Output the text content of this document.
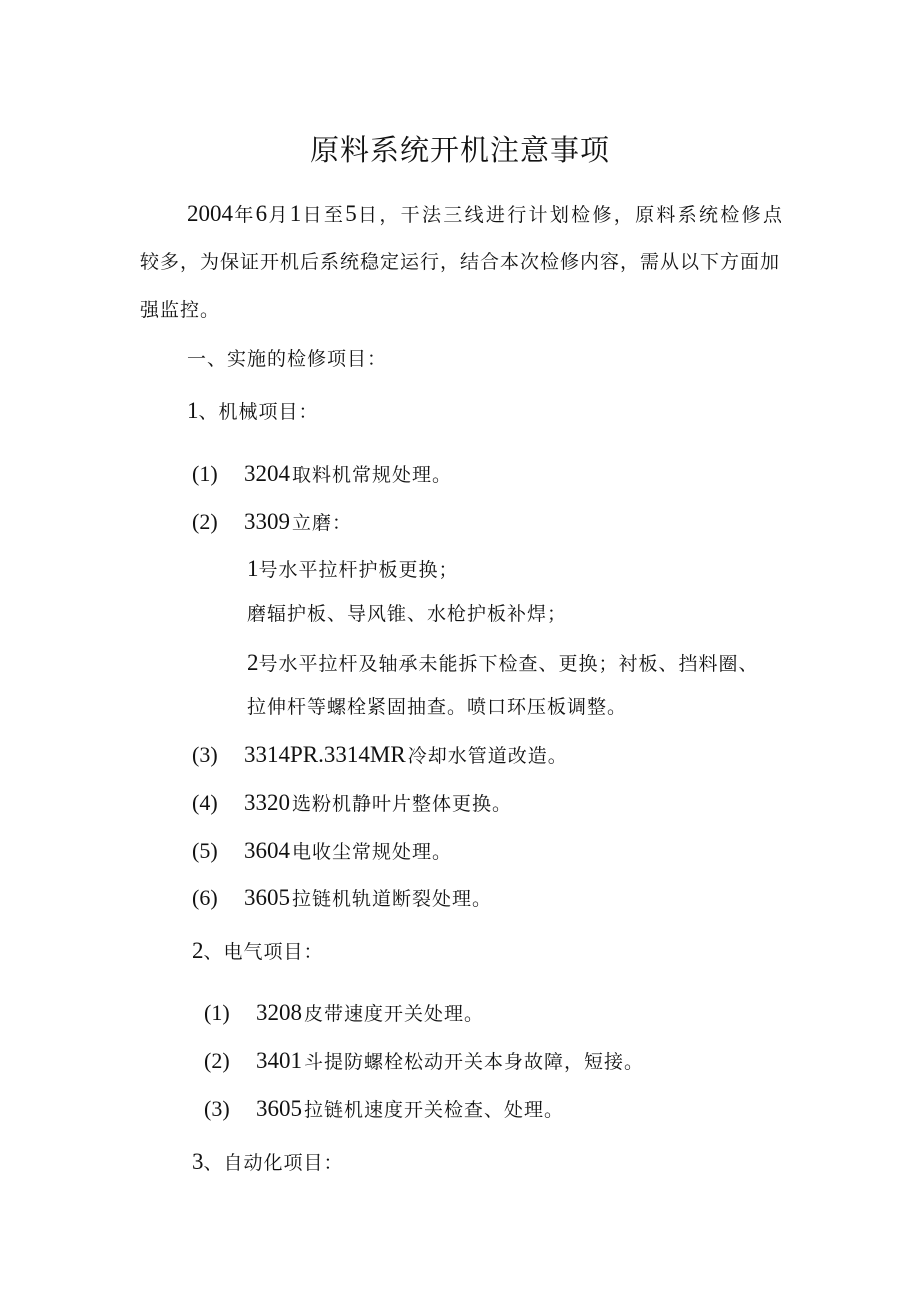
原料系统开机注意事项
2004年6月1日至5日，干法三线进行计划检修，原料系统检修点
较多，为保证开机后系统稳定运行，结合本次检修内容，需从以下方面加
强监控。
一、实施的检修项目：
1、机械项目：
(1) 3204 取料机常规处理。
(2) 3309 立磨：
1号水平拉杆护板更换；
磨辐护板、导风锥、水枪护板补焊；
2号水平拉杆及轴承未能拆下检查、更换；衬板、挡料圈、
拉伸杆等螺栓紧固抽查。喷口环压板调整。
(3) 3314PR.3314MR 冷却水管道改造。
(4) 3320 选粉机静叶片整体更换。
(5) 3604 电收尘常规处理。
(6) 3605 拉链机轨道断裂处理。
2、电气项目：
(1) 3208 皮带速度开关处理。
(2) 3401 斗提防螺栓松动开关本身故障，短接。
(3) 3605 拉链机速度开关检查、处理。
3、自动化项目：
